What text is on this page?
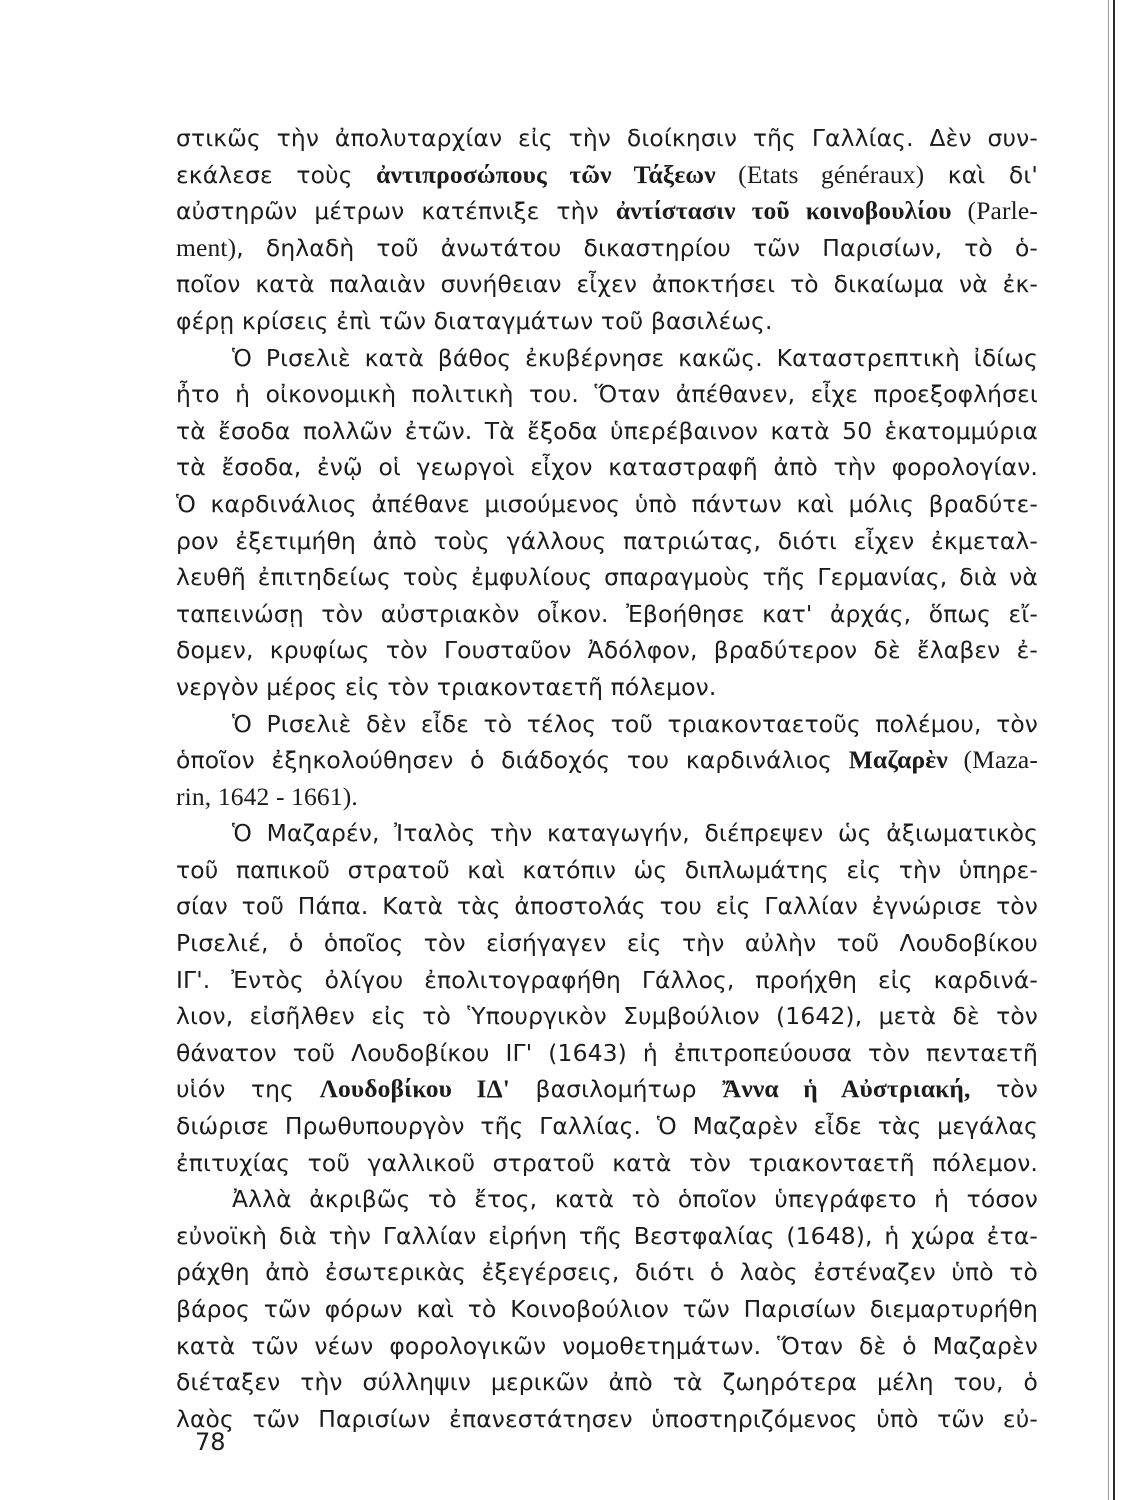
στικῶς τὴν ἀπολυταρχίαν εἰς τὴν διοίκησιν τῆς Γαλλίας. Δὲν συν-
εκάλεσε τοὺς ἀντιπροσώπους τῶν Τάξεων (Etats généraux) καὶ δι'
αὐστηρῶν μέτρων κατέπνιξε τὴν ἀντίστασιν τοῦ κοινοβουλίου (Parle-
ment), δηλαδὴ τοῦ ἀνωτάτου δικαστηρίου τῶν Παρισίων, τὸ ὁ-
ποῖον κατὰ παλαιὰν συνήθειαν εἶχεν ἀποκτήσει τὸ δικαίωμα νὰ ἐκ-
φέρῃ κρίσεις ἐπὶ τῶν διαταγμάτων τοῦ βασιλέως.
Ὁ Ρισελιὲ κατὰ βάθος ἐκυβέρνησε κακῶς. Καταστρεπτικὴ ἰδίως
ἦτο ἡ οἰκονομικὴ πολιτικὴ του. Ὅταν ἀπέθανεν, εἶχε προεξοφλήσει
τὰ ἔσοδα πολλῶν ἐτῶν. Τὰ ἔξοδα ὑπερέβαινον κατὰ 50 ἑκατομμύρια
τὰ ἔσοδα, ἐνῷ οἱ γεωργοὶ εἶχον καταστραφῆ ἀπὸ τὴν φορολογίαν.
Ὁ καρδινάλιος ἀπέθανε μισούμενος ὑπὸ πάντων καὶ μόλις βραδύτε-
ρον ἐξετιμήθη ἀπὸ τοὺς γάλλους πατριώτας, διότι εἶχεν ἐκμεταλ-
λευθῆ ἐπιτηδείως τοὺς ἐμφυλίους σπαραγμοὺς τῆς Γερμανίας, διὰ νὰ
ταπεινώσῃ τὸν αὐστριακὸν οἶκον. Ἐβοήθησε κατ' ἀρχάς, ὅπως εἴ-
δομεν, κρυφίως τὸν Γουσταῦον Ἀδόλφον, βραδύτερον δὲ ἔλαβεν ἐ-
νεργὸν μέρος εἰς τὸν τριακονταετῆ πόλεμον.
Ὁ Ρισελιὲ δὲν εἶδε τὸ τέλος τοῦ τριακονταετοῦς πολέμου, τὸν
ὁποῖον ἐξηκολούθησεν ὁ διάδοχός του καρδινάλιος Μαζαρὲν (Maza-
rin, 1642 - 1661).
Ὁ Μαζαρέν, Ἰταλὸς τὴν καταγωγήν, διέπρεψεν ὡς ἀξιωματικὸς
τοῦ παπικοῦ στρατοῦ καὶ κατόπιν ὡς διπλωμάτης εἰς τὴν ὑπηρε-
σίαν τοῦ Πάπα. Κατὰ τὰς ἀποστολάς του εἰς Γαλλίαν ἐγνώρισε τὸν
Ρισελιέ, ὁ ὁποῖος τὸν εἰσήγαγεν εἰς τὴν αὐλὴν τοῦ Λουδοβίκου
ΙΓ'. Ἐντὸς ὀλίγου ἐπολιτογραφήθη Γάλλος, προήχθη εἰς καρδινά-
λιον, εἰσῆλθεν εἰς τὸ Ὑπουργικὸν Συμβούλιον (1642), μετὰ δὲ τὸν
θάνατον τοῦ Λουδοβίκου ΙΓ' (1643) ἡ ἐπιτροπεύουσα τὸν πενταετῆ
υἱόν της Λουδοβίκου ΙΔ' βασιλομήτωρ Ἄννα ἡ Αὐστριακή, τὸν
διώρισε Πρωθυπουργὸν τῆς Γαλλίας. Ὁ Μαζαρὲν εἶδε τὰς μεγάλας
ἐπιτυχίας τοῦ γαλλικοῦ στρατοῦ κατὰ τὸν τριακονταετῆ πόλεμον.
Ἀλλὰ ἀκριβῶς τὸ ἔτος, κατὰ τὸ ὁποῖον ὑπεγράφετο ἡ τόσον
εὐνοϊκὴ διὰ τὴν Γαλλίαν εἰρήνη τῆς Βεστφαλίας (1648), ἡ χώρα ἐτα-
ράχθη ἀπὸ ἐσωτερικὰς ἐξεγέρσεις, διότι ὁ λαὸς ἐστέναζεν ὑπὸ τὸ
βάρος τῶν φόρων καὶ τὸ Κοινοβούλιον τῶν Παρισίων διεμαρτυρήθη
κατὰ τῶν νέων φορολογικῶν νομοθετημάτων. Ὅταν δὲ ὁ Μαζαρὲν
διέταξεν τὴν σύλληψιν μερικῶν ἀπὸ τὰ ζωηρότερα μέλη του, ὁ
λαὸς τῶν Παρισίων ἐπανεστάτησεν ὑποστηριζόμενος ὑπὸ τῶν εὐ-
78
